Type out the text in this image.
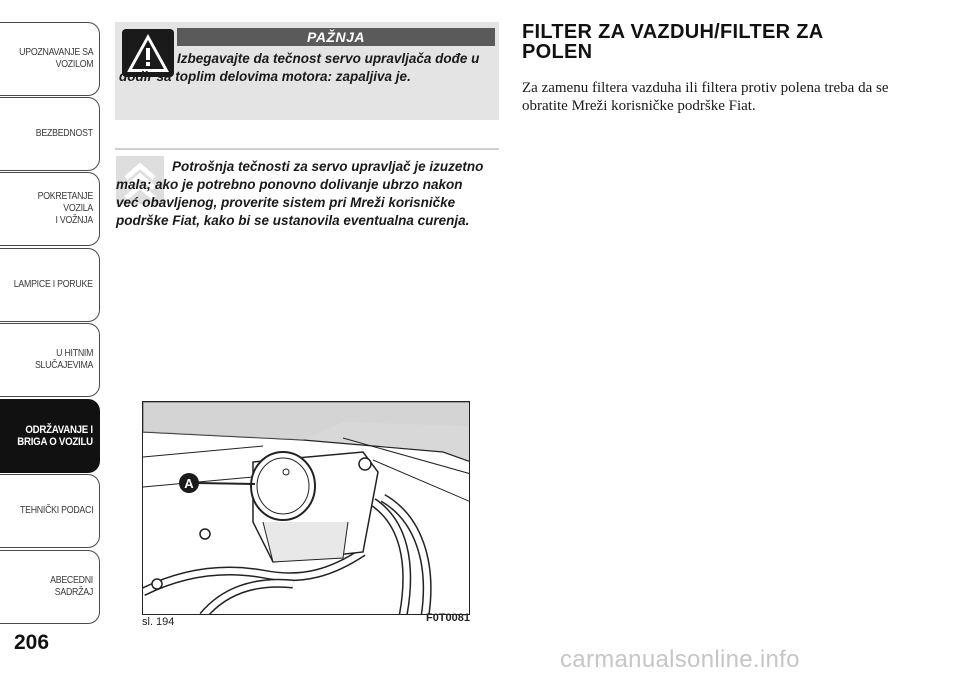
UPOZNAVANJE SA
VOZILOM
BEZBEDNOST
POKRETANJE VOZILA
I VOŽNJA
LAMPICE I PORUKE
U HITNIM
SLUČAJEVIMA
ODRŽAVANJE I
BRIGA O VOZILU
TEHNIČKI PODACI
ABECEDNI SADRŽAJ
206
PAŽNJA
Izbegavajte da tečnost servo upravljača dođe u dodir sa toplim delovima motora: zapaljiva je.
Potrošnja tečnosti za servo upravljač je izuzetno mala; ako je potrebno ponovno dolivanje ubrzo nakon već obavljenog, proverite sistem pri Mreži korisničke podrške Fiat, kako bi se ustanovila eventualna curenja.
A
sl. 194	F0T0081
FILTER ZA VAZDUH/FILTER ZA POLEN
Za zamenu filtera vazduha ili filtera protiv polena treba da se obratite Mreži korisničke podrške Fiat.
carmanualsonline.info
